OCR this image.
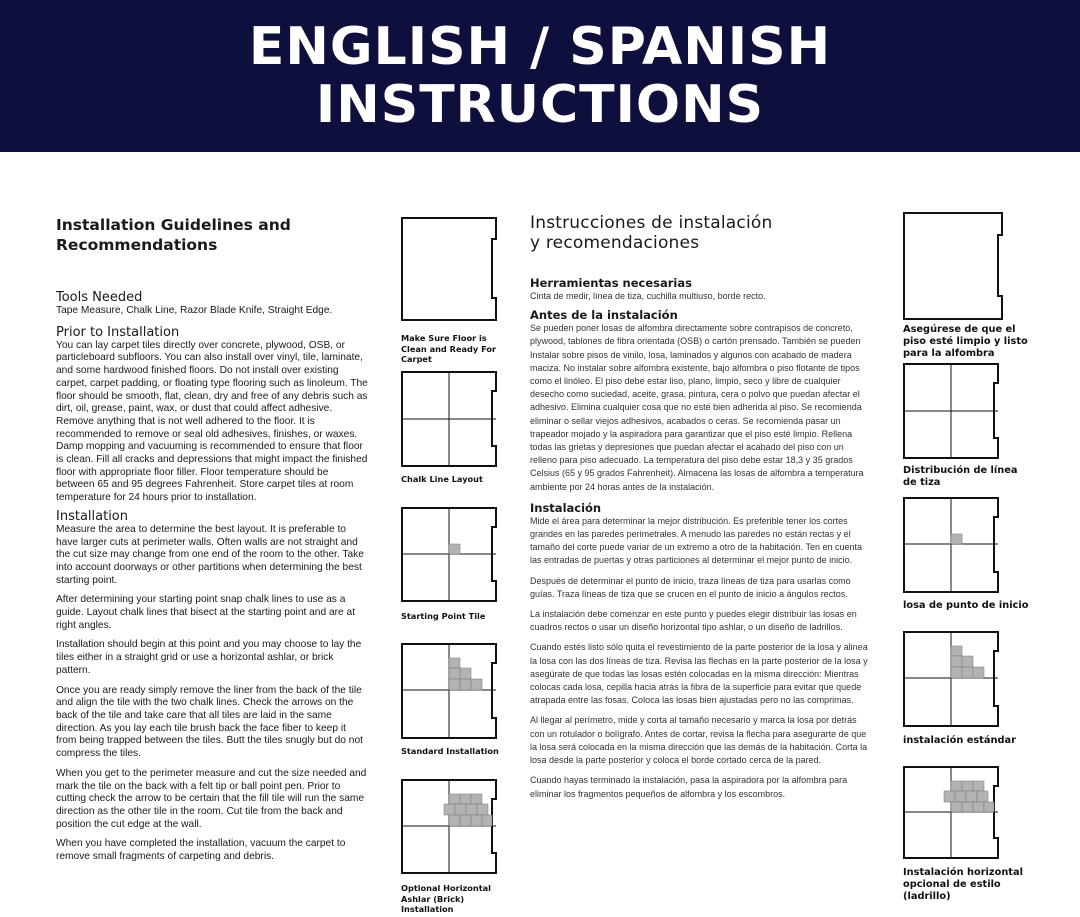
ENGLISH / SPANISH
INSTRUCTIONS
Installation Guidelines and
Recommendations
Tools Needed

Tape Measure, Chalk Line, Razor Blade Knife, Straight Edge.

Prior to Installation

You can lay carpet tiles directly over concrete, plywood, OSB, or particleboard subfloors. You can also install over vinyl, tile, laminate, and some hardwood finished floors. Do not install over existing carpet, carpet padding, or floating type flooring such as linoleum. The floor should be smooth, flat, clean, dry and free of any debris such as dirt, oil, grease, paint, wax, or dust that could affect adhesive. Remove anything that is not well adhered to the floor. It is recommended to remove or seal old adhesives, finishes, or waxes. Damp mopping and vacuuming is recommended to ensure that floor is clean. Fill all cracks and depressions that might impact the finished floor with appropriate floor filler. Floor temperature should be between 65 and 95 degrees Fahrenheit. Store carpet tiles at room temperature for 24 hours prior to installation.

Installation

Measure the area to determine the best layout. It is preferable to have larger cuts at perimeter walls. Often walls are not straight and the cut size may change from one end of the room to the other. Take into account doorways or other partitions when determining the best starting point.

After determining your starting point snap chalk lines to use as a guide. Layout chalk lines that bisect at the starting point and are at right angles.

Installation should begin at this point and you may choose to lay the tiles either in a straight grid or use a horizontal ashlar, or brick pattern.

Once you are ready simply remove the liner from the back of the tile and align the tile with the two chalk lines. Check the arrows on the back of the tile and take care that all tiles are laid in the same direction. As you lay each tile brush back the face fiber to keep it from being trapped between the tiles. Butt the tiles snugly but do not compress the tiles.

When you get to the perimeter measure and cut the size needed and mark the tile on the back with a felt tip or ball point pen. Prior to cutting check the arrow to be certain that the fill tile will run the same direction as the other tile in the room. Cut tile from the back and position the cut edge at the wall.

When you have completed the installation, vacuum the carpet to remove small fragments of carpeting and debris.

Instrucciones de instalación
y recomendaciones
Herramientas necesarias

Cinta de medir, línea de tiza, cuchilla multiuso, borde recto.

Antes de la instalación

Se pueden poner losas de alfombra directamente sobre contrapisos de concreto, plywood, tablones de fibra orientada (OSB) o cartón prensado. También se pueden Instalar sobre pisos de vinilo, losa, laminados y algunos con acabado de madera maciza. No instalar sobre alfombra existente, bajo alfombra o piso flotante de tipos como el linóleo. El piso debe estar liso, plano, limpio, seco y libre de cualquier desecho como suciedad, aceite, grasa, pintura, cera o polvo que puedan afectar el adhesivo. Elimina cualquier cosa que no esté bien adherida al piso. Se recomienda eliminar o sellar viejos adhesivos, acabados o ceras. Se recomienda pasar un trapeador mojado y la aspiradora para garantizar que el piso esté limpio. Rellena todas las grietas y depresiones que puedan afectar el acabado del piso con un relleno para piso adecuado. La temperatura del piso debe estar 18,3 y 35 grados Celsius (65 y 95 grados Fahrenheit). Almacena las losas de alfombra a temperatura ambiente por 24 horas antes de la instalación.

Instalación

Mide el área para determinar la mejor distribución. Es preferible tener los cortes grandes en las paredes perimetrales. A menudo las paredes no están rectas y el tamaño del corte puede variar de un extremo a otro de la habitación. Ten en cuenta las entradas de puertas y otras particiones al determinar el mejor punto de inicio.

Después de determinar el punto de inicio, traza líneas de tiza para usarlas como guías. Traza líneas de tiza que se crucen en el punto de inicio a ángulos rectos.

La instalación debe comenzar en este punto y puedes elegir distribuir las losas en cuadros rectos o usar un diseño horizontal tipo ashlar, o un diseño de ladrillos.

Cuando estés listo sólo quita el revestimiento de la parte posterior de la losa y alinea la losa con las dos líneas de tiza. Revisa las flechas en la parte posterior de la losa y asegúrate de que todas las losas estén colocadas en la misma dirección: Mientras colocas cada losa, cepilla hacia atrás la fibra de la superficie para evitar que quede atrapada entre las fosas. Coloca las losas bien ajustadas pero no las comprimas.

Al llegar al perímetro, mide y corta al tamaño necesario y marca la losa por detrás con un rotulador o bolígrafo. Antes de cortar, revisa la flecha para asegurarte de que la losa será colocada en la misma dirección que las demás de la habitación. Corta la losa desde la parte posterior y coloca el borde cortado cerca de la pared.

Cuando hayas terminado la instalación, pasa la aspiradora por la alfombra para eliminar los fragmentos pequeños de alfombra y los escombros.

Make Sure Floor is Clean and Ready For Carpet
Chalk Line Layout
Starting Point Tile
Standard Installation
Optional Horizontal Ashlar (Brick) Installation
Asegúrese de que el piso esté limpio y listo para la alfombra
Distribución de línea de tiza
losa de punto de inicio
instalación estándar
Instalación horizontal opcional de estilo (ladrillo)
